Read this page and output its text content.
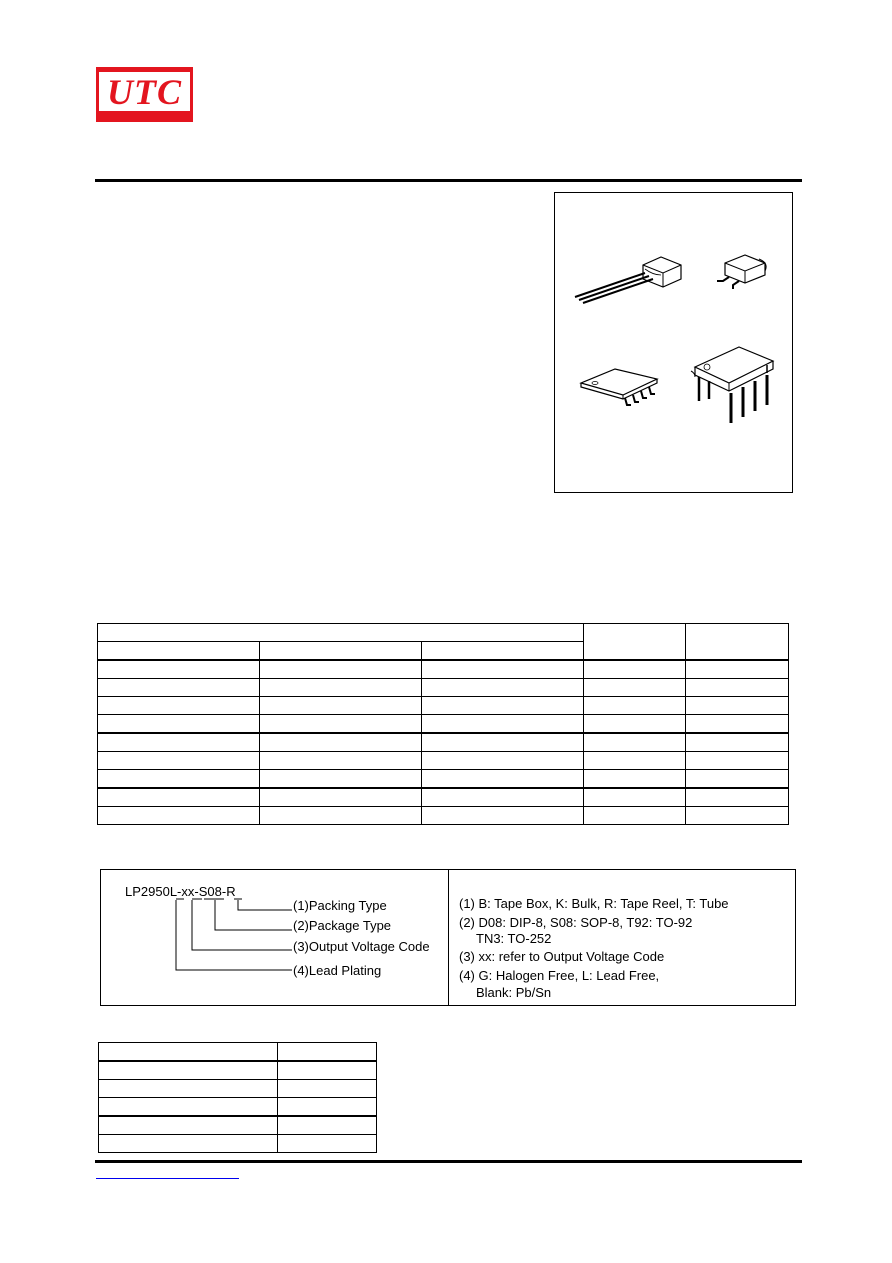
UTC

LP2950L-xx-S08-R
(1)Packing Type
(2)Package Type
(3)Output Voltage Code
(4)Lead Plating
(1) B: Tape Box, K: Bulk, R: Tape Reel, T: Tube
(2) D08: DIP-8, S08: SOP-8, T92: TO-92
TN3: TO-252
(3) xx: refer to Output Voltage Code
(4) G: Halogen Free, L: Lead Free,
Blank: Pb/Sn
